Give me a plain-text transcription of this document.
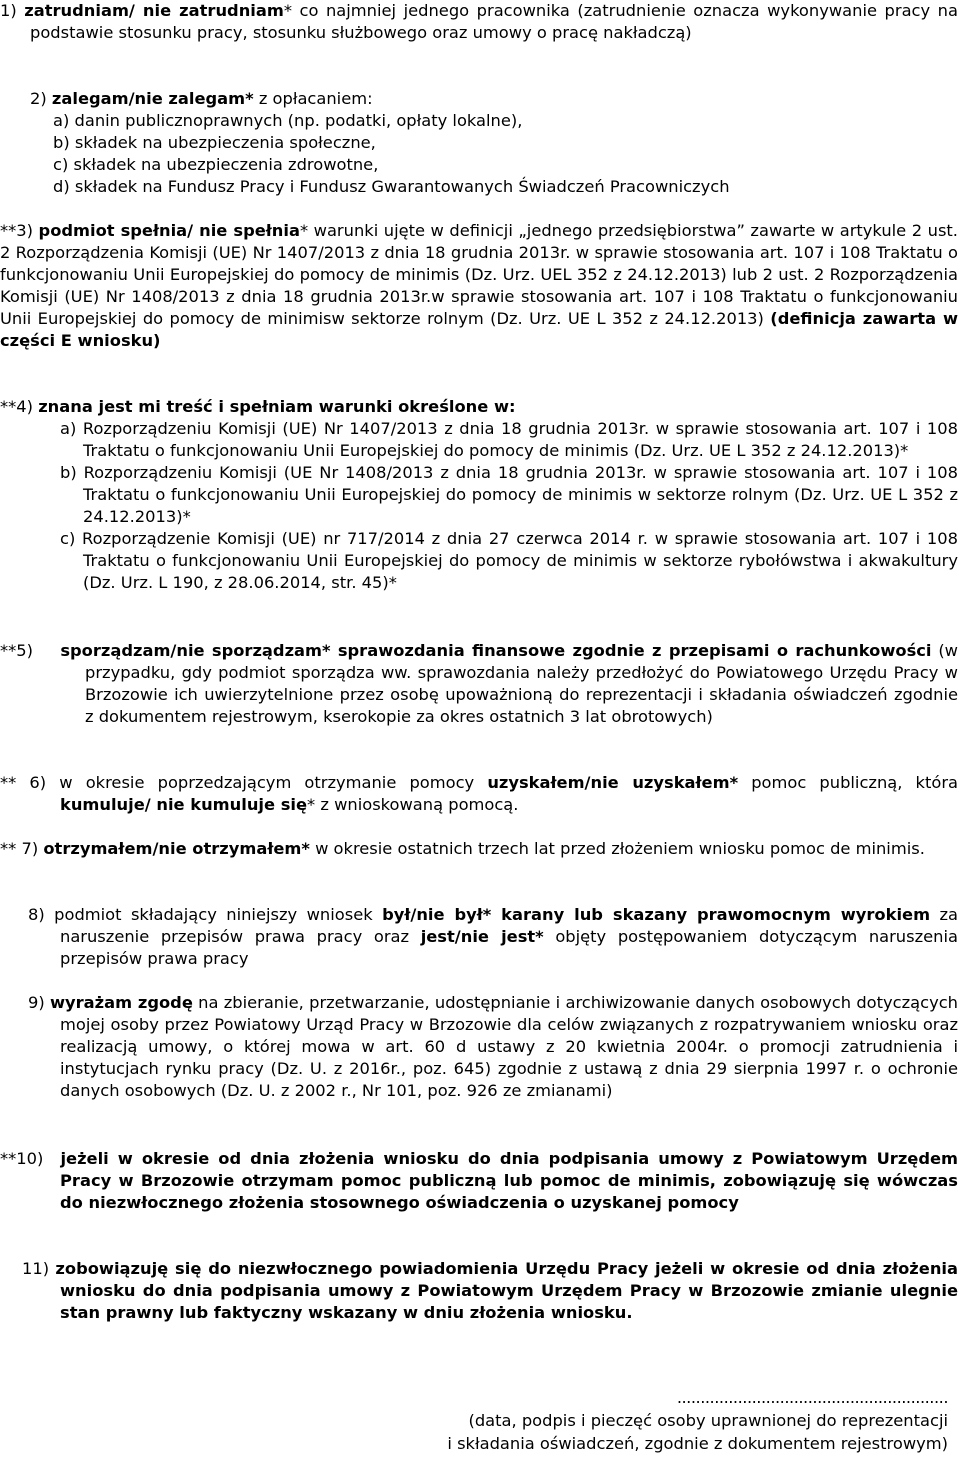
1) zatrudniam/ nie zatrudniam* co najmniej jednego pracownika (zatrudnienie oznacza wykonywanie pracy na podstawie stosunku pracy, stosunku służbowego oraz umowy o pracę nakładczą)

2) zalegam/nie zalegam* z opłacaniem:

a) danin publicznoprawnych (np. podatki, opłaty lokalne),

b) składek na ubezpieczenia społeczne,

c) składek na ubezpieczenia zdrowotne,

d) składek na Fundusz Pracy i Fundusz Gwarantowanych Świadczeń Pracowniczych

**3) podmiot spełnia/ nie spełnia* warunki ujęte w definicji „jednego przedsiębiorstwa” zawarte w artykule 2 ust. 2 Rozporządzenia Komisji (UE) Nr 1407/2013 z dnia 18 grudnia 2013r. w sprawie stosowania art. 107 i 108 Traktatu o funkcjonowaniu Unii Europejskiej do pomocy de minimis (Dz. Urz. UEL 352 z 24.12.2013) lub 2 ust. 2 Rozporządzenia Komisji (UE) Nr 1408/2013 z dnia 18 grudnia 2013r.w sprawie stosowania art. 107 i 108 Traktatu o funkcjonowaniu Unii Europejskiej do pomocy de minimisw sektorze rolnym (Dz. Urz. UE L 352 z 24.12.2013) (definicja zawarta w części E wniosku)

**4) znana jest mi treść i spełniam warunki określone w:

a) Rozporządzeniu Komisji (UE) Nr 1407/2013 z dnia 18 grudnia 2013r. w sprawie stosowania art. 107 i 108 Traktatu o funkcjonowaniu Unii Europejskiej do pomocy de minimis (Dz. Urz. UE L 352 z 24.12.2013)*

b) Rozporządzeniu Komisji (UE Nr 1408/2013 z dnia 18 grudnia 2013r. w sprawie stosowania art. 107 i 108 Traktatu o funkcjonowaniu Unii Europejskiej do pomocy de minimis w sektorze rolnym (Dz. Urz. UE L 352 z 24.12.2013)*

c) Rozporządzenie Komisji (UE) nr 717/2014 z dnia 27 czerwca 2014 r. w sprawie stosowania art. 107 i 108 Traktatu o funkcjonowaniu Unii Europejskiej do pomocy de minimis w sektorze rybołówstwa i akwakultury (Dz. Urz. L 190, z 28.06.2014, str. 45)*

**5) sporządzam/nie sporządzam* sprawozdania finansowe zgodnie z przepisami o rachunkowości (w przypadku, gdy podmiot sporządza ww. sprawozdania należy przedłożyć do Powiatowego Urzędu Pracy w Brzozowie ich uwierzytelnione przez osobę upoważnioną do reprezentacji i składania oświadczeń zgodnie z dokumentem rejestrowym, kserokopie za okres ostatnich 3 lat obrotowych)

** 6) w okresie poprzedzającym otrzymanie pomocy uzyskałem/nie uzyskałem* pomoc publiczną, która kumuluje/ nie kumuluje się* z wnioskowaną pomocą.

** 7) otrzymałem/nie otrzymałem* w okresie ostatnich trzech lat przed złożeniem wniosku pomoc de minimis.

8) podmiot składający niniejszy wniosek był/nie był* karany lub skazany prawomocnym wyrokiem za naruszenie przepisów prawa pracy oraz jest/nie jest* objęty postępowaniem dotyczącym naruszenia przepisów prawa pracy

9) wyrażam zgodę na zbieranie, przetwarzanie, udostępnianie i archiwizowanie danych osobowych dotyczących mojej osoby przez Powiatowy Urząd Pracy w Brzozowie dla celów związanych z rozpatrywaniem wniosku oraz realizacją umowy, o której mowa w art. 60 d ustawy z 20 kwietnia 2004r. o promocji zatrudnienia i instytucjach rynku pracy (Dz. U. z 2016r., poz. 645) zgodnie z ustawą z dnia 29 sierpnia 1997 r. o ochronie danych osobowych (Dz. U. z 2002 r., Nr 101, poz. 926 ze zmianami)

**10) jeżeli w okresie od dnia złożenia wniosku do dnia podpisania umowy z Powiatowym Urzędem Pracy w Brzozowie otrzymam pomoc publiczną lub pomoc de minimis, zobowiązuję się wówczas do niezwłocznego złożenia stosownego oświadczenia o uzyskanej pomocy

11) zobowiązuję się do niezwłocznego powiadomienia Urzędu Pracy jeżeli w okresie od dnia złożenia wniosku do dnia podpisania umowy z Powiatowym Urzędem Pracy w Brzozowie zmianie ulegnie stan prawny lub faktyczny wskazany w dniu złożenia wniosku.

..........................................................
(data, podpis i pieczęć osoby uprawnionej do reprezentacji
i składania oświadczeń, zgodnie z dokumentem rejestrowym)
